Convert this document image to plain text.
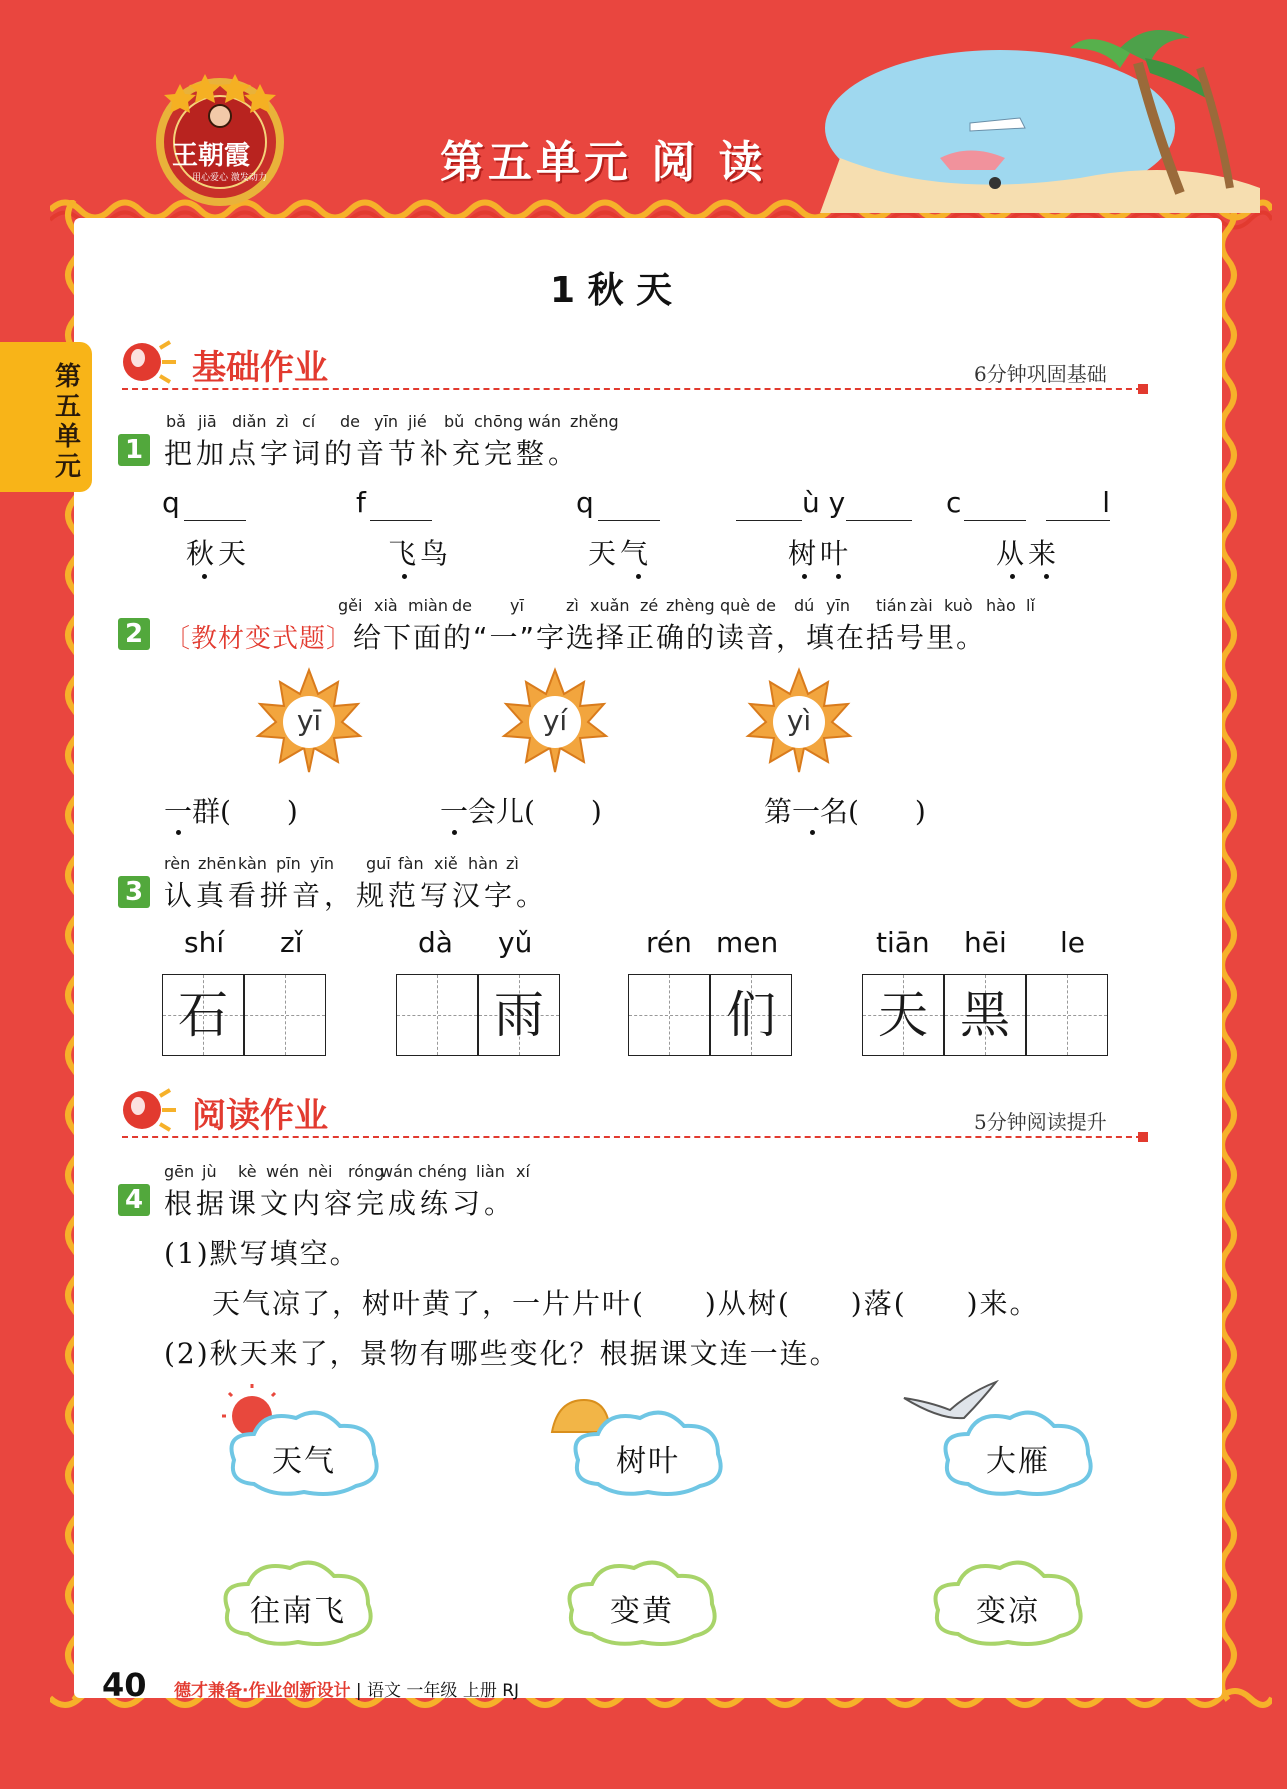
王朝霞
用心爱心 激发动力	第五单元 阅 读
第五单元
1 秋 天
基础作业	6分钟巩固基础
1
bǎ jiā diǎn zì cí de yīn jié bǔ chōng wán zhěng
把加点字词的音节补充完整。
q	f	q	ù y	c l
秋天	飞鸟	天气	树叶	从来
2
gěi xià miàn de yī	zì xuǎn zé zhèng què de dú yīn tián zài kuò hào lǐ
〔教材变式题〕给下面的“一”字选择正确的读音，填在括号里。
yī	yí	yì
一群(　　)	一会儿(　　)	第一名(　　)
3
rèn zhēn kàn pīn yīn guī fàn xiě hàn zì
认真看拼音，规范写汉字。
shí zǐ
石
dà yǔ
雨
rén men
们
tiān hēi le
天 黑
阅读作业	5分钟阅读提升
4
gēn jù kè wén nèi róng
wán chéng liàn xí
根据课文内容完成练习。
(1)默写填空。
天气凉了，树叶黄了，一片片叶(　　)从树(　　)落(　　)来。
(2)秋天来了，景物有哪些变化？根据课文连一连。
天气	树叶	大雁
往南飞	变黄	变凉
40 德才兼备·作业创新设计 | 语文 一年级 上册 RJ
